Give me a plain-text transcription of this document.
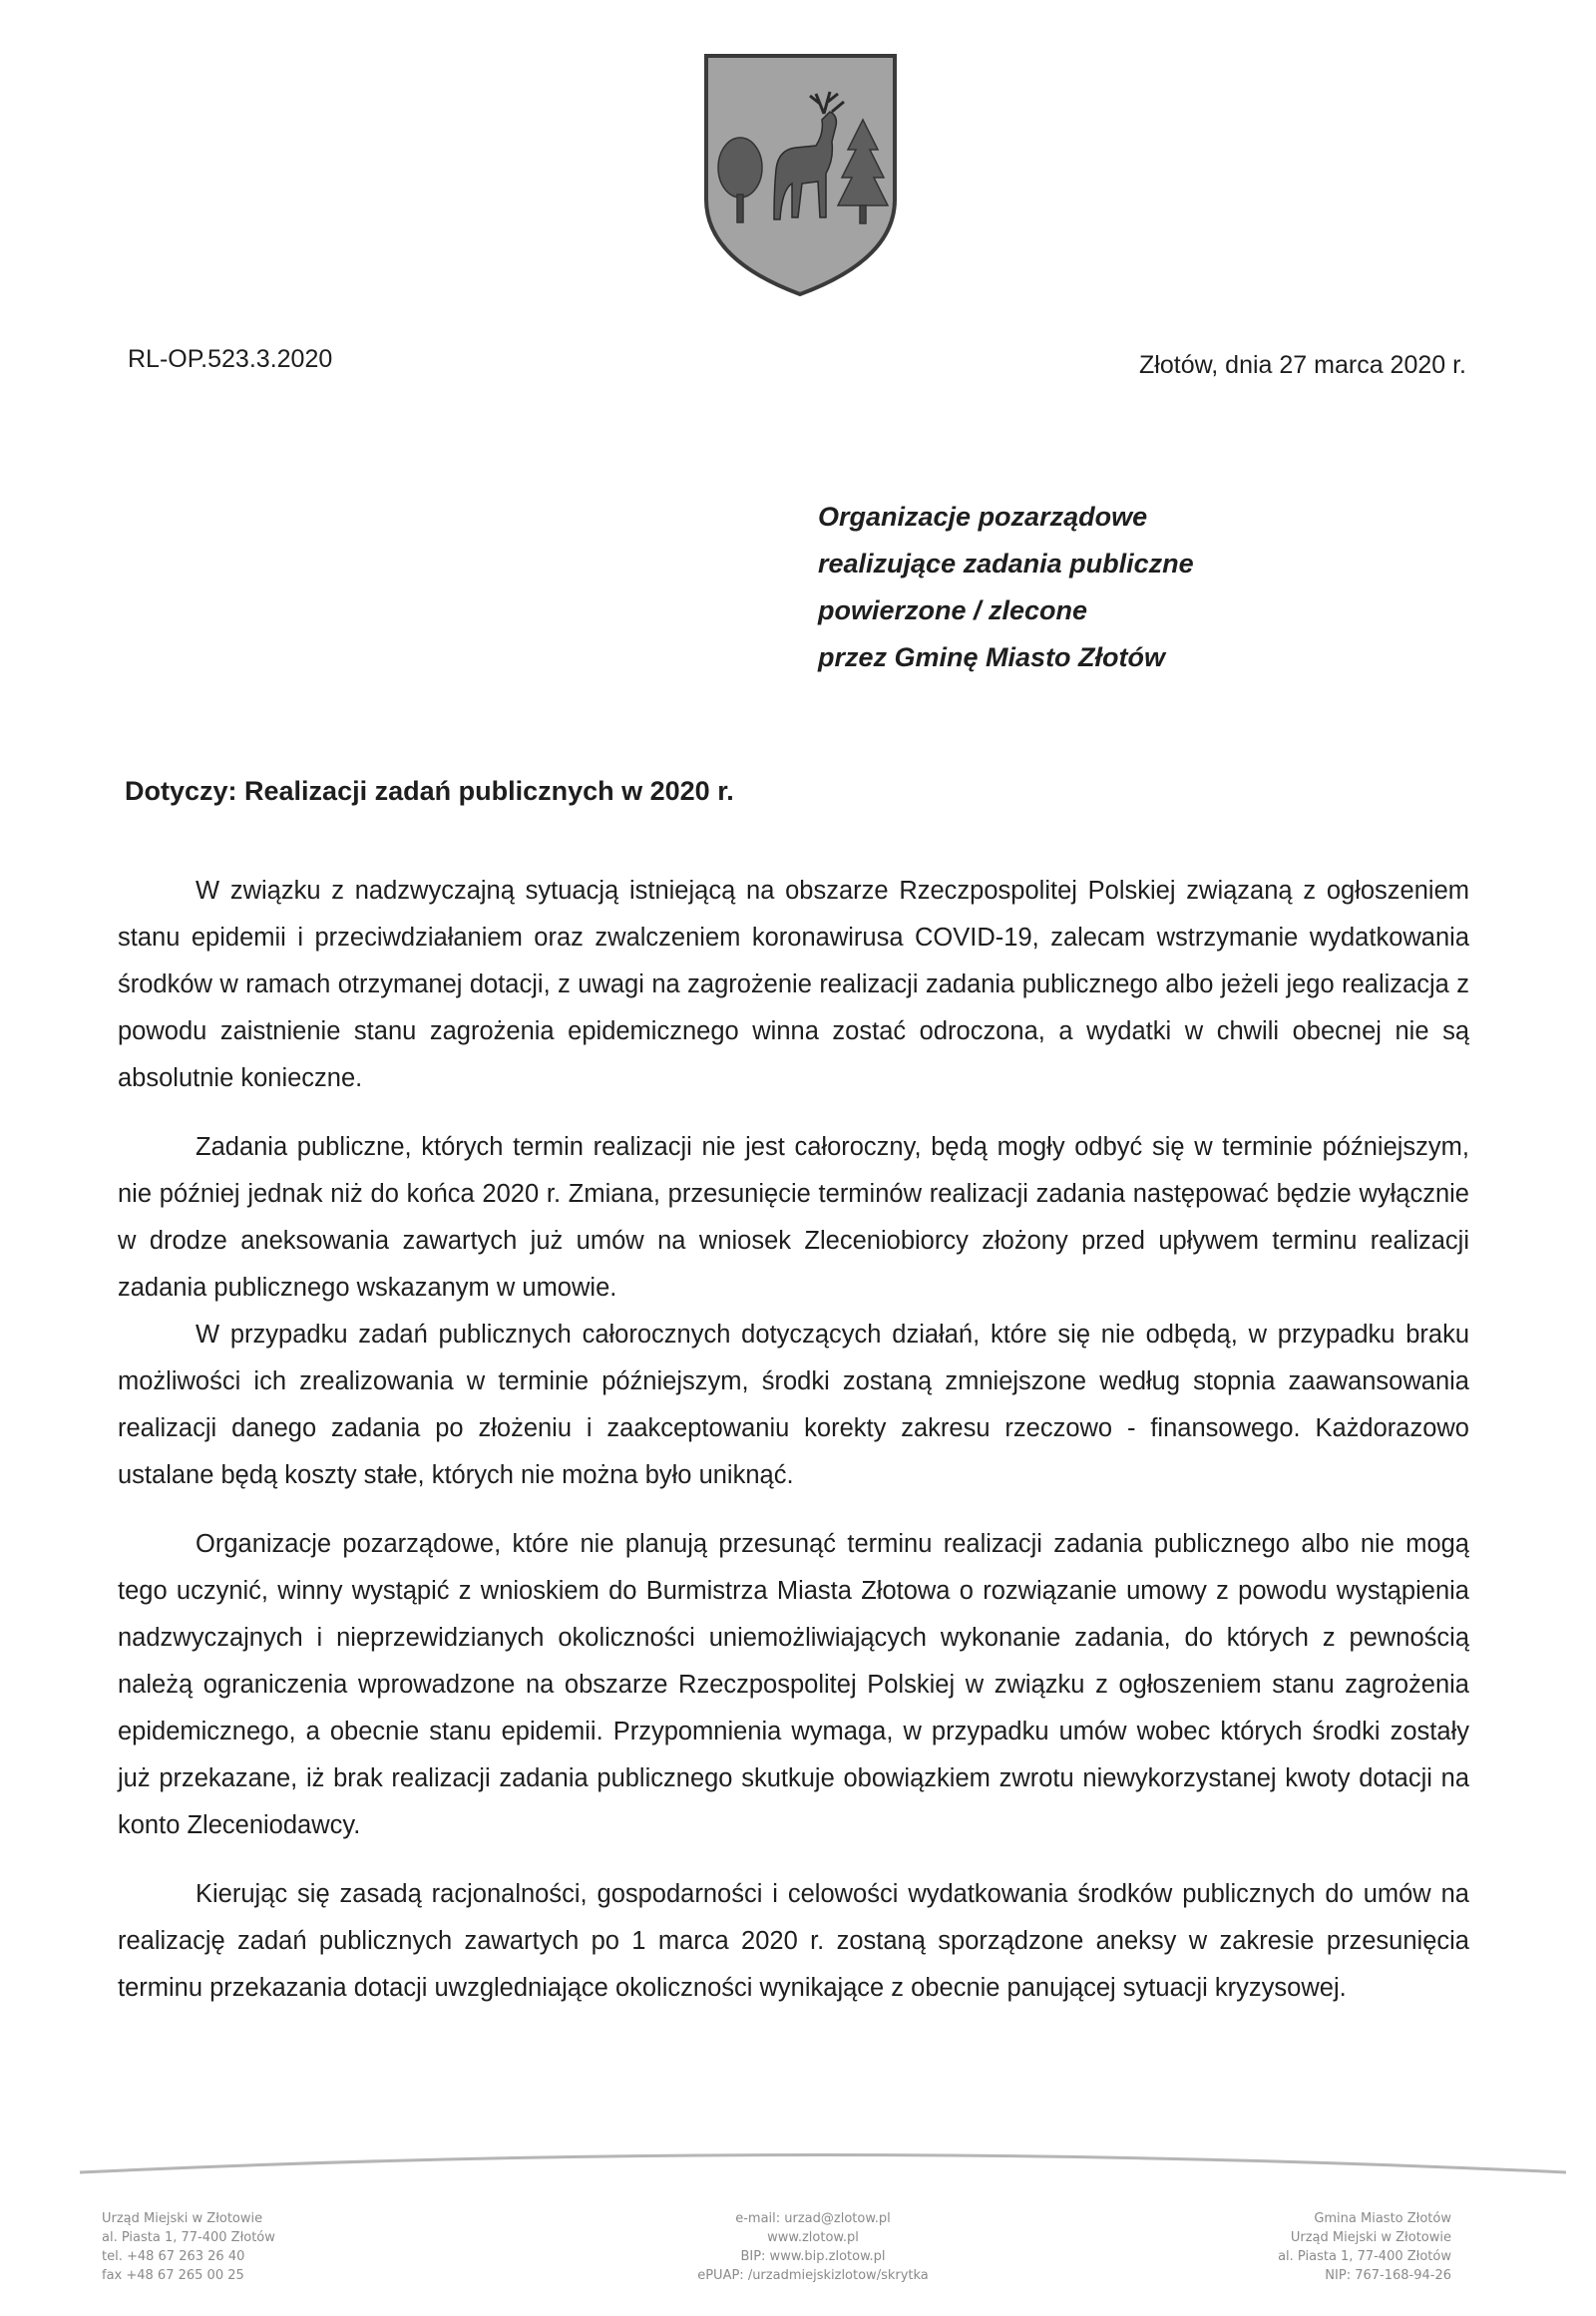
RL-OP.523.3.2020	Złotów, dnia 27 marca 2020 r.
Organizacje pozarządowe
realizujące zadania publiczne
powierzone / zlecone
przez Gminę Miasto Złotów
Dotyczy: Realizacji zadań publicznych w 2020 r.

W związku z nadzwyczajną sytuacją istniejącą na obszarze Rzeczpospolitej Polskiej związaną z ogłoszeniem stanu epidemii i przeciwdziałaniem oraz zwalczeniem koronawirusa COVID-19, zalecam wstrzymanie wydatkowania środków w ramach otrzymanej dotacji, z uwagi na zagrożenie realizacji zadania publicznego albo jeżeli jego realizacja z powodu zaistnienie stanu zagrożenia epidemicznego winna zostać odroczona, a wydatki w chwili obecnej nie są absolutnie konieczne.

Zadania publiczne, których termin realizacji nie jest całoroczny, będą mogły odbyć się w terminie późniejszym, nie później jednak niż do końca 2020 r. Zmiana, przesunięcie terminów realizacji zadania następować będzie wyłącznie w drodze aneksowania zawartych już umów na wniosek Zleceniobiorcy złożony przed upływem terminu realizacji zadania publicznego wskazanym w umowie.

W przypadku zadań publicznych całorocznych dotyczących działań, które się nie odbędą, w przypadku braku możliwości ich zrealizowania w terminie późniejszym, środki zostaną zmniejszone według stopnia zaawansowania realizacji danego zadania po złożeniu i zaakceptowaniu korekty zakresu rzeczowo - finansowego. Każdorazowo ustalane będą koszty stałe, których nie można było uniknąć.

Organizacje pozarządowe, które nie planują przesunąć terminu realizacji zadania publicznego albo nie mogą tego uczynić, winny wystąpić z wnioskiem do Burmistrza Miasta Złotowa o rozwiązanie umowy z powodu wystąpienia nadzwyczajnych i nieprzewidzianych okoliczności uniemożliwiających wykonanie zadania, do których z pewnością należą ograniczenia wprowadzone na obszarze Rzeczpospolitej Polskiej w związku z ogłoszeniem stanu zagrożenia epidemicznego, a obecnie stanu epidemii. Przypomnienia wymaga, w przypadku umów wobec których środki zostały już przekazane, iż brak realizacji zadania publicznego skutkuje obowiązkiem zwrotu niewykorzystanej kwoty dotacji na konto Zleceniodawcy.

Kierując się zasadą racjonalności, gospodarności i celowości wydatkowania środków publicznych do umów na realizację zadań publicznych zawartych po 1 marca 2020 r. zostaną sporządzone aneksy w zakresie przesunięcia terminu przekazania dotacji uwzgledniające okoliczności wynikające z obecnie panującej sytuacji kryzysowej.

Urząd Miejski w Złotowie
al. Piasta 1, 77-400 Złotów
tel. +48 67 263 26 40
fax +48 67 265 00 25
e-mail: urzad@zlotow.pl
www.zlotow.pl
BIP: www.bip.zlotow.pl
ePUAP: /urzadmiejskizlotow/skrytka
Gmina Miasto Złotów
Urząd Miejski w Złotowie
al. Piasta 1, 77-400 Złotów
NIP: 767-168-94-26
